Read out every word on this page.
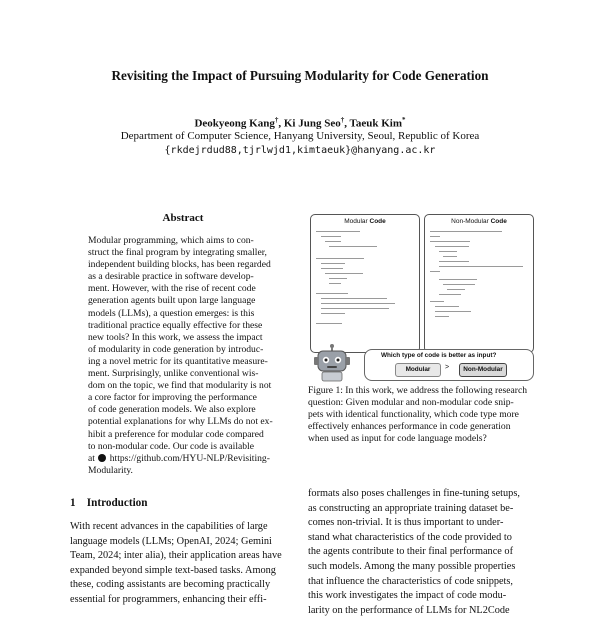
Revisiting the Impact of Pursuing Modularity for Code Generation
Deokyeong Kang†, Ki Jung Seo†, Taeuk Kim*
Department of Computer Science, Hanyang University, Seoul, Republic of Korea
{rkdejrdud88,tjrlwjd1,kimtaeuk}@hanyang.ac.kr
Abstract
Modular programming, which aims to con-
struct the final program by integrating smaller,
independent building blocks, has been regarded
as a desirable practice in software develop-
ment. However, with the rise of recent code
generation agents built upon large language
models (LLMs), a question emerges: is this
traditional practice equally effective for these
new tools? In this work, we assess the impact
of modularity in code generation by introduc-
ing a novel metric for its quantitative measure-
ment. Surprisingly, unlike conventional wis-
dom on the topic, we find that modularity is not
a core factor for improving the performance
of code generation models. We also explore
potential explanations for why LLMs do not ex-
hibit a preference for modular code compared
to non-modular code. Our code is available
at https://github.com/HYU-NLP/Revisiting-
Modularity.
Modular Code	Non-Modular Code
Which type of code is better as input?
Modular	>	Non-Modular
Figure 1: In this work, we address the following research
question: Given modular and non-modular code snip-
pets with identical functionality, which code type more
effectively enhances performance in code generation
when used as input for code language models?
1 Introduction
With recent advances in the capabilities of large
language models (LLMs; OpenAI, 2024; Gemini
Team, 2024; inter alia), their application areas have
expanded beyond simple text-based tasks. Among
these, coding assistants are becoming practically
essential for programmers, enhancing their effi-
formats also poses challenges in fine-tuning setups,
as constructing an appropriate training dataset be-
comes non-trivial. It is thus important to under-
stand what characteristics of the code provided to
the agents contribute to their final performance of
such models. Among the many possible properties
that influence the characteristics of code snippets,
this work investigates the impact of code modu-
larity on the performance of LLMs for NL2Code
